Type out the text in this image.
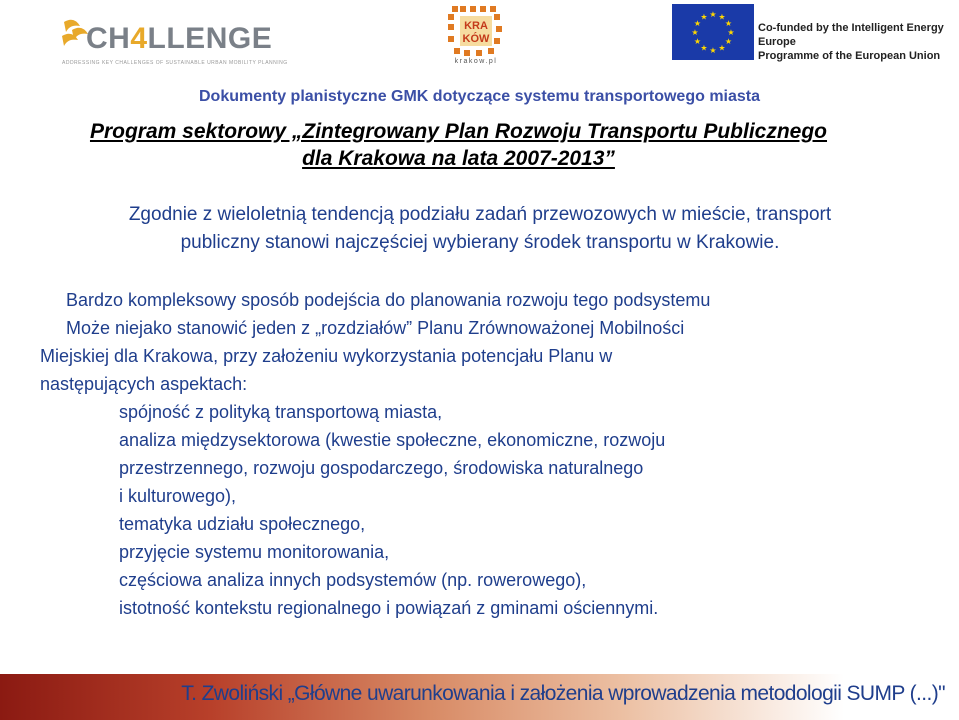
CH4LLENGE
ADDRESSING KEY CHALLENGES OF SUSTAINABLE URBAN MOBILITY PLANNING
KRA
KÓW
krakow.pl
★ ★
★
★
★
★
★
★
★
★
★
★
Co-funded by the Intelligent Energy Europe
Programme of the European Union
Dokumenty planistyczne GMK dotyczące systemu transportowego miasta
Program sektorowy „Zintegrowany Plan Rozwoju Transportu Publicznego
dla Krakowa na lata 2007-2013”
Zgodnie z wieloletnią tendencją podziału zadań przewozowych w mieście, transport
publiczny stanowi najczęściej wybierany środek transportu w Krakowie.
Bardzo kompleksowy sposób podejścia do planowania rozwoju tego podsystemu
Może niejako stanowić jeden z „rozdziałów” Planu Zrównoważonej Mobilności
Miejskiej dla Krakowa, przy założeniu wykorzystania potencjału Planu w
następujących aspektach:
spójność z polityką transportową miasta,
analiza międzysektorowa (kwestie społeczne, ekonomiczne, rozwoju
przestrzennego, rozwoju gospodarczego, środowiska naturalnego
i kulturowego),
tematyka udziału społecznego,
przyjęcie systemu monitorowania,
częściowa analiza innych podsystemów (np. rowerowego),
istotność kontekstu regionalnego i powiązań z gminami ościennymi.
T. Zwoliński „Główne uwarunkowania i założenia wprowadzenia metodologii SUMP (...)"
